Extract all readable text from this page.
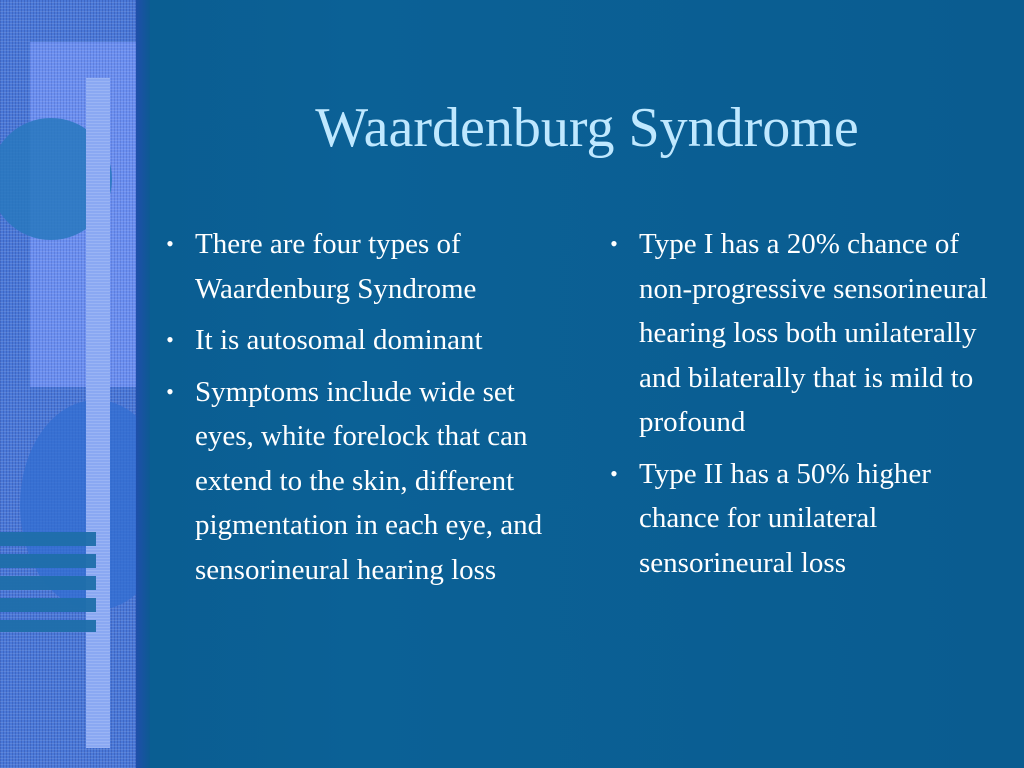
Waardenburg Syndrome
• There are four types of Waardenburg Syndrome
• It is autosomal dominant
• Symptoms include wide set eyes, white forelock that can extend to the skin, different pigmentation in each eye, and sensorineural hearing loss
• Type I has a 20% chance of  non-progressive sensorineural hearing loss both unilaterally and bilaterally that is mild to profound
• Type II has a 50% higher chance for unilateral sensorineural loss
